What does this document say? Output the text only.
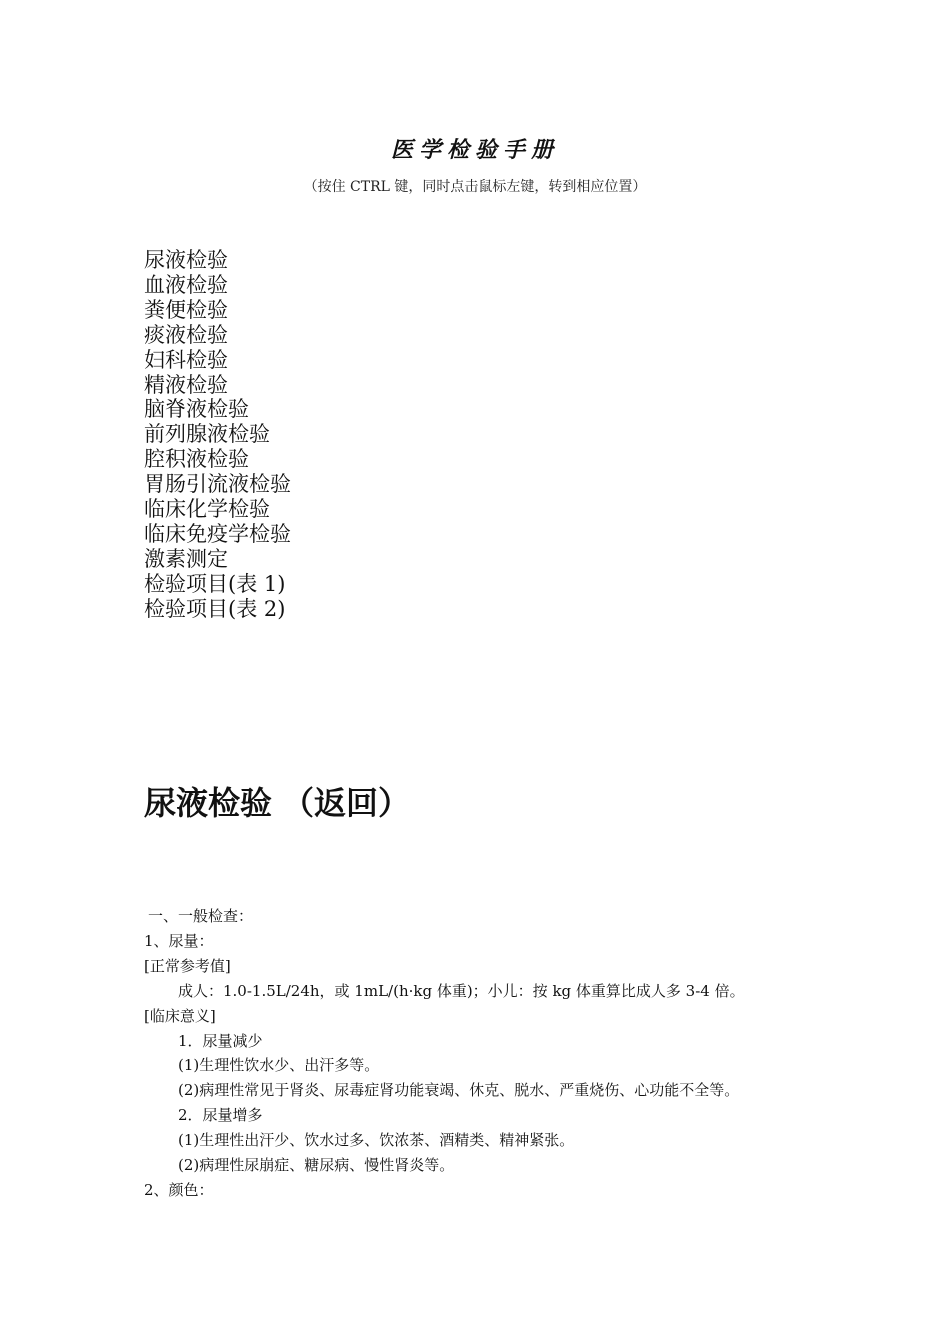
医学检验手册
（按住 CTRL 键，同时点击鼠标左键，转到相应位置）
尿液检验
血液检验
粪便检验
痰液检验
妇科检验
精液检验
脑脊液检验
前列腺液检验
腔积液检验
胃肠引流液检验
临床化学检验
临床免疫学检验
激素测定
检验项目(表 1)
检验项目(表 2)
尿液检验 （返回）
一、一般检查：
1、尿量：
[正常参考值]
成人：1.0-1.5L/24h，或 1mL/(h·kg 体重)；小儿：按 kg 体重算比成人多 3-4 倍。
[临床意义]
1．尿量减少
(1)生理性饮水少、出汗多等。
(2)病理性常见于肾炎、尿毒症肾功能衰竭、休克、脱水、严重烧伤、心功能不全等。
2．尿量增多
(1)生理性出汗少、饮水过多、饮浓茶、酒精类、精神紧张。
(2)病理性尿崩症、糖尿病、慢性肾炎等。
2、颜色：
